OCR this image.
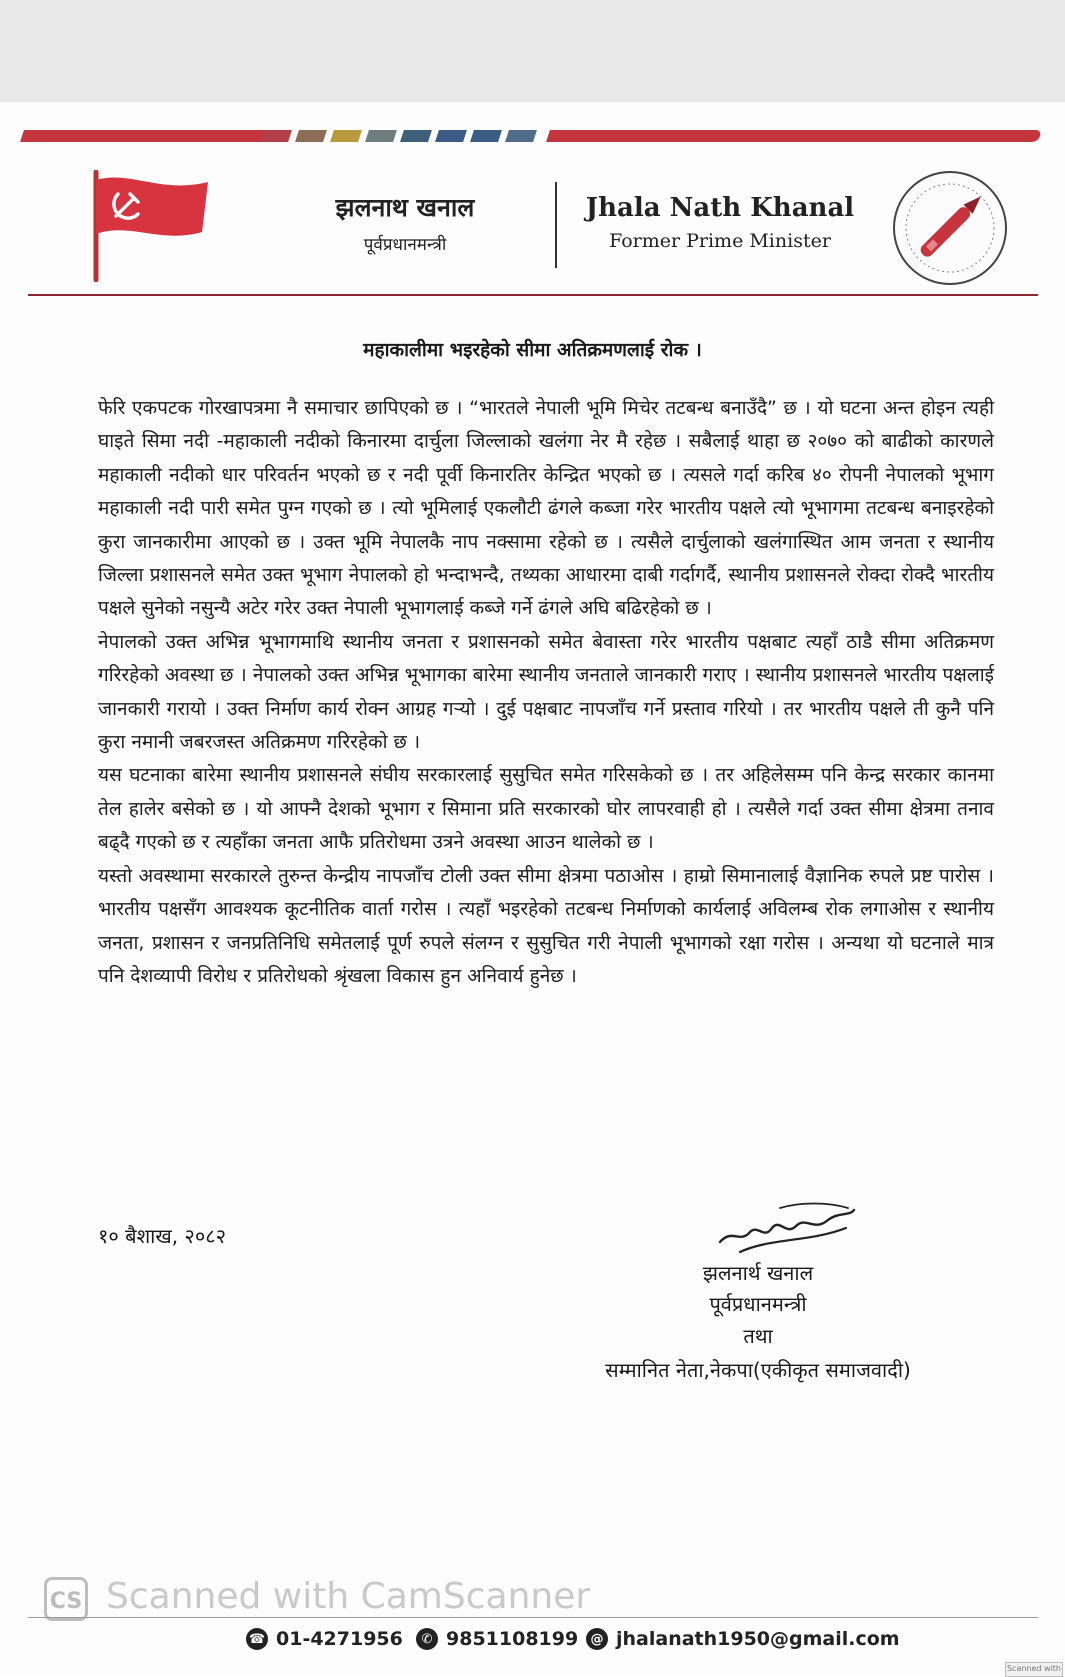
झलनाथ खनाल
पूर्वप्रधानमन्त्री
Jhala Nath Khanal
Former Prime Minister
महाकालीमा भइरहेको सीमा अतिक्रमणलाई रोक ।

फेरि एकपटक गोरखापत्रमा नै समाचार छापिएको छ । “भारतले नेपाली भूमि मिचेर तटबन्ध बनाउँदै” छ । यो घटना अन्त होइन त्यही घाइते सिमा नदी -महाकाली नदीको किनारमा दार्चुला जिल्लाको खलंगा नेर मै रहेछ । सबैलाई थाहा छ २०७० को बाढीको कारणले महाकाली नदीको धार परिवर्तन भएको छ र नदी पूर्वी किनारतिर केन्द्रित भएको छ । त्यसले गर्दा करिब ४० रोपनी नेपालको भूभाग महाकाली नदी पारी समेत पुग्न गएको छ । त्यो भूमिलाई एकलौटी ढंगले कब्जा गरेर भारतीय पक्षले त्यो भूभागमा तटबन्ध बनाइरहेको कुरा जानकारीमा आएको छ । उक्त भूमि नेपालकै नाप नक्सामा रहेको छ । त्यसैले दार्चुलाको खलंगास्थित आम जनता र स्थानीय जिल्ला प्रशासनले समेत उक्त भूभाग नेपालको हो भन्दाभन्दै, तथ्यका आधारमा दाबी गर्दागर्दै, स्थानीय प्रशासनले रोक्दा रोक्दै भारतीय पक्षले सुनेको नसुन्यै अटेर गरेर उक्त नेपाली भूभागलाई कब्जे गर्ने ढंगले अघि बढिरहेको छ ।

नेपालको उक्त अभिन्न भूभागमाथि स्थानीय जनता र प्रशासनको समेत बेवास्ता गरेर भारतीय पक्षबाट त्यहाँ ठाडै सीमा अतिक्रमण गरिरहेको अवस्था छ । नेपालको उक्त अभिन्न भूभागका बारेमा स्थानीय जनताले जानकारी गराए । स्थानीय प्रशासनले भारतीय पक्षलाई जानकारी गरायो । उक्त निर्माण कार्य रोक्न आग्रह गऱ्यो । दुई पक्षबाट नापजाँच गर्ने प्रस्ताव गरियो । तर भारतीय पक्षले ती कुनै पनि कुरा नमानी जबरजस्त अतिक्रमण गरिरहेको छ ।

यस घटनाका बारेमा स्थानीय प्रशासनले संघीय सरकारलाई सुसुचित समेत गरिसकेको छ । तर अहिलेसम्म पनि केन्द्र सरकार कानमा तेल हालेर बसेको छ । यो आफ्नै देशको भूभाग र सिमाना प्रति सरकारको घोर लापरवाही हो । त्यसैले गर्दा उक्त सीमा क्षेत्रमा तनाव बढ्दै गएको छ र त्यहाँका जनता आफै प्रतिरोधमा उत्रने अवस्था आउन थालेको छ ।

यस्तो अवस्थामा सरकारले तुरुन्त केन्द्रीय नापजाँच टोली उक्त सीमा क्षेत्रमा पठाओस । हाम्रो सिमानालाई वैज्ञानिक रुपले प्रष्ट पारोस । भारतीय पक्षसँग आवश्यक कूटनीतिक वार्ता गरोस । त्यहाँ भइरहेको तटबन्ध निर्माणको कार्यलाई अविलम्ब रोक लगाओस र स्थानीय जनता, प्रशासन र जनप्रतिनिधि समेतलाई पूर्ण रुपले संलग्न र सुसुचित गरी नेपाली भूभागको रक्षा गरोस । अन्यथा यो घटनाले मात्र पनि देशव्यापी विरोध र प्रतिरोधको श्रृंखला विकास हुन अनिवार्य हुनेछ ।

१० बैशाख, २०८२
झलनार्थ खनाल
पूर्वप्रधानमन्त्री
तथा
सम्मानित नेता,नेकपा(एकीकृत समाजवादी)
CS Scanned with CamScanner
☎ 01-4271956	✆ 9851108199 @ jhalanath1950@gmail.com
Scanned with
